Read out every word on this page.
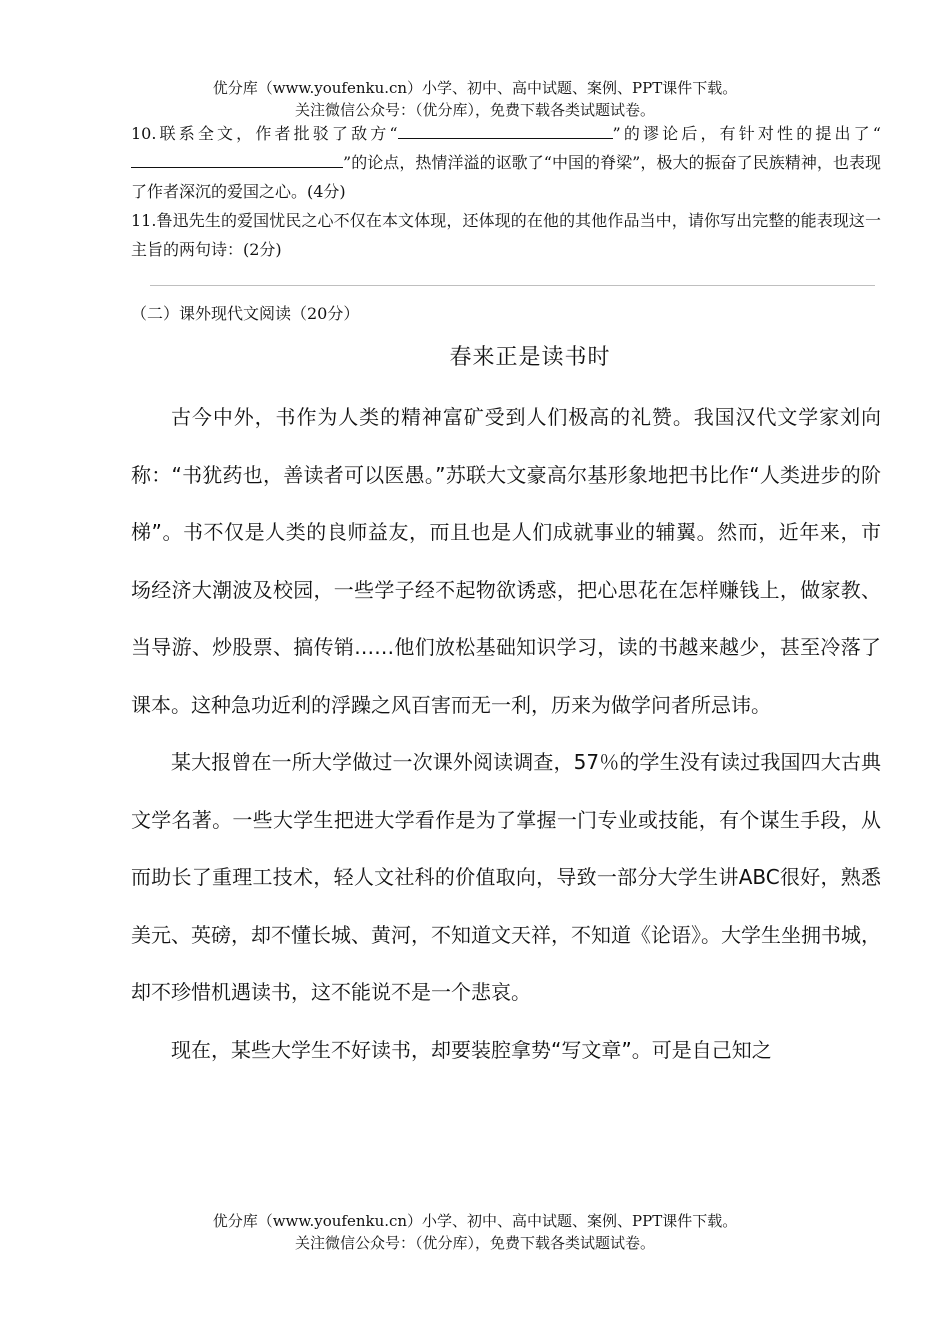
优分库（www.youfenku.cn）小学、初中、高中试题、案例、PPT课件下载。
关注微信公众号：（优分库），免费下载各类试题试卷。

10.联系全文，作者批驳了敌方“	”的谬论后，有针对性的提出了“”的论点，热情洋溢的讴歌了“中国的脊梁”，极大的振奋了民族精神，也表现了作者深沉的爱国之心。(4分)

11.鲁迅先生的爱国忧民之心不仅在本文体现，还体现的在他的其他作品当中，请你写出完整的能表现这一主旨的两句诗：(2分)

（二）课外现代文阅读（20分）
春来正是读书时

古今中外，书作为人类的精神富矿受到人们极高的礼赞。我国汉代文学家刘向称：“书犹药也，善读者可以医愚。”苏联大文豪高尔基形象地把书比作“人类进步的阶梯”。书不仅是人类的良师益友，而且也是人们成就事业的辅翼。然而，近年来，市场经济大潮波及校园，一些学子经不起物欲诱惑，把心思花在怎样赚钱上，做家教、当导游、炒股票、搞传销……他们放松基础知识学习，读的书越来越少，甚至冷落了课本。这种急功近利的浮躁之风百害而无一利，历来为做学问者所忌讳。

某大报曾在一所大学做过一次课外阅读调查，57％的学生没有读过我国四大古典文学名著。一些大学生把进大学看作是为了掌握一门专业或技能，有个谋生手段，从而助长了重理工技术，轻人文社科的价值取向，导致一部分大学生讲ABC很好，熟悉美元、英磅，却不懂长城、黄河，不知道文天祥，不知道《论语》。大学生坐拥书城，却不珍惜机遇读书，这不能说不是一个悲哀。

现在，某些大学生不好读书，却要装腔拿势“写文章”。可是自己知之

优分库（www.youfenku.cn）小学、初中、高中试题、案例、PPT课件下载。
关注微信公众号：（优分库），免费下载各类试题试卷。
